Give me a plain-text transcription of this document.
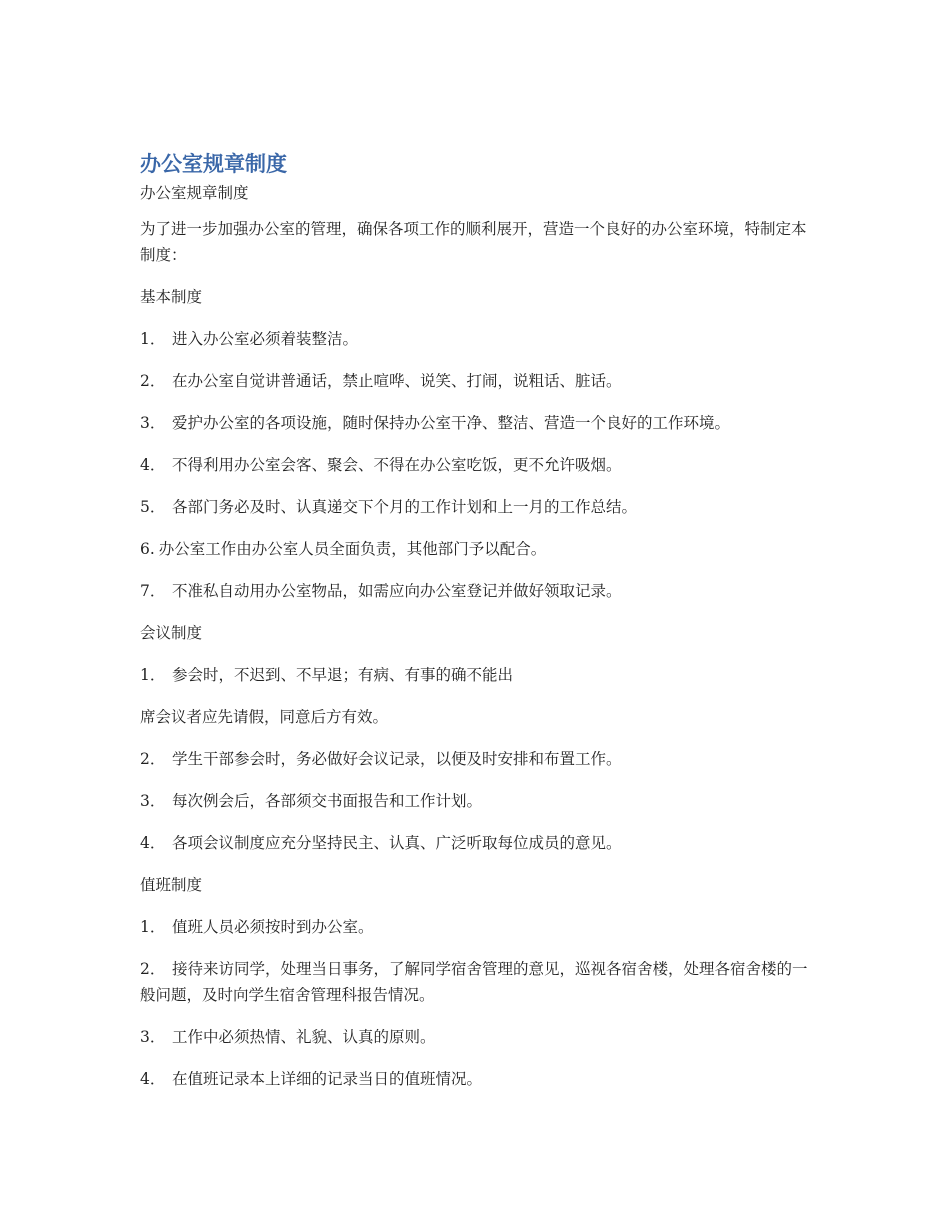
办公室规章制度

办公室规章制度

为了进一步加强办公室的管理，确保各项工作的顺利展开，营造一个良好的办公室环境，特制定本制度：

基本制度

1． 进入办公室必须着装整洁。

2． 在办公室自觉讲普通话，禁止喧哗、说笑、打闹，说粗话、脏话。

3． 爱护办公室的各项设施，随时保持办公室干净、整洁、营造一个良好的工作环境。

4． 不得利用办公室会客、聚会、不得在办公室吃饭，更不允许吸烟。

5． 各部门务必及时、认真递交下个月的工作计划和上一月的工作总结。

6. 办公室工作由办公室人员全面负责，其他部门予以配合。

7． 不准私自动用办公室物品，如需应向办公室登记并做好领取记录。

会议制度

1． 参会时，不迟到、不早退；有病、有事的确不能出

席会议者应先请假，同意后方有效。

2． 学生干部参会时，务必做好会议记录，以便及时安排和布置工作。

3． 每次例会后，各部须交书面报告和工作计划。

4． 各项会议制度应充分坚持民主、认真、广泛听取每位成员的意见。

值班制度

1． 值班人员必须按时到办公室。

2． 接待来访同学，处理当日事务，了解同学宿舍管理的意见，巡视各宿舍楼，处理各宿舍楼的一般问题，及时向学生宿舍管理科报告情况。

3． 工作中必须热情、礼貌、认真的原则。

4． 在值班记录本上详细的记录当日的值班情况。
